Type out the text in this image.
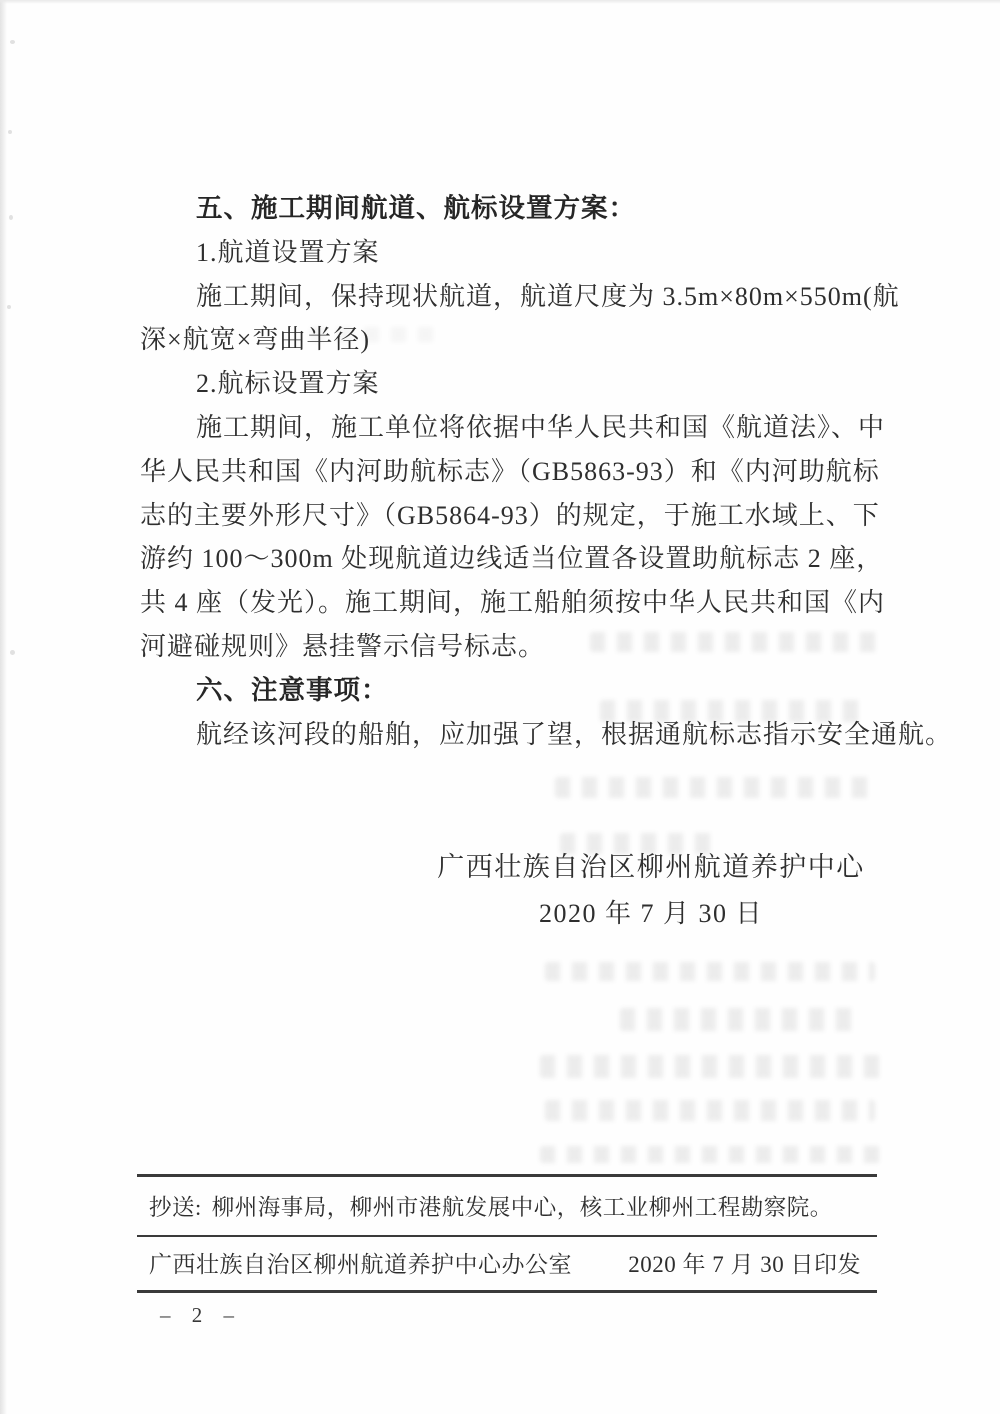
五、施工期间航道、航标设置方案：
1.航道设置方案
施工期间，保持现状航道，航道尺度为 3.5m×80m×550m(航
深×航宽×弯曲半径)
2.航标设置方案
施工期间，施工单位将依据中华人民共和国《航道法》、中
华人民共和国《内河助航标志》（GB5863-93）和《内河助航标
志的主要外形尺寸》（GB5864-93）的规定，于施工水域上、下
游约 100～300m 处现航道边线适当位置各设置助航标志 2 座，
共 4 座（发光）。施工期间，施工船舶须按中华人民共和国《内
河避碰规则》悬挂警示信号标志。
六、注意事项：
航经该河段的船舶，应加强了望，根据通航标志指示安全通航。
广西壮族自治区柳州航道养护中心
2020 年 7 月 30 日
抄送: 柳州海事局，柳州市港航发展中心，核工业柳州工程勘察院。
广西壮族自治区柳州航道养护中心办公室 2020 年 7 月 30 日印发
– 2 –
